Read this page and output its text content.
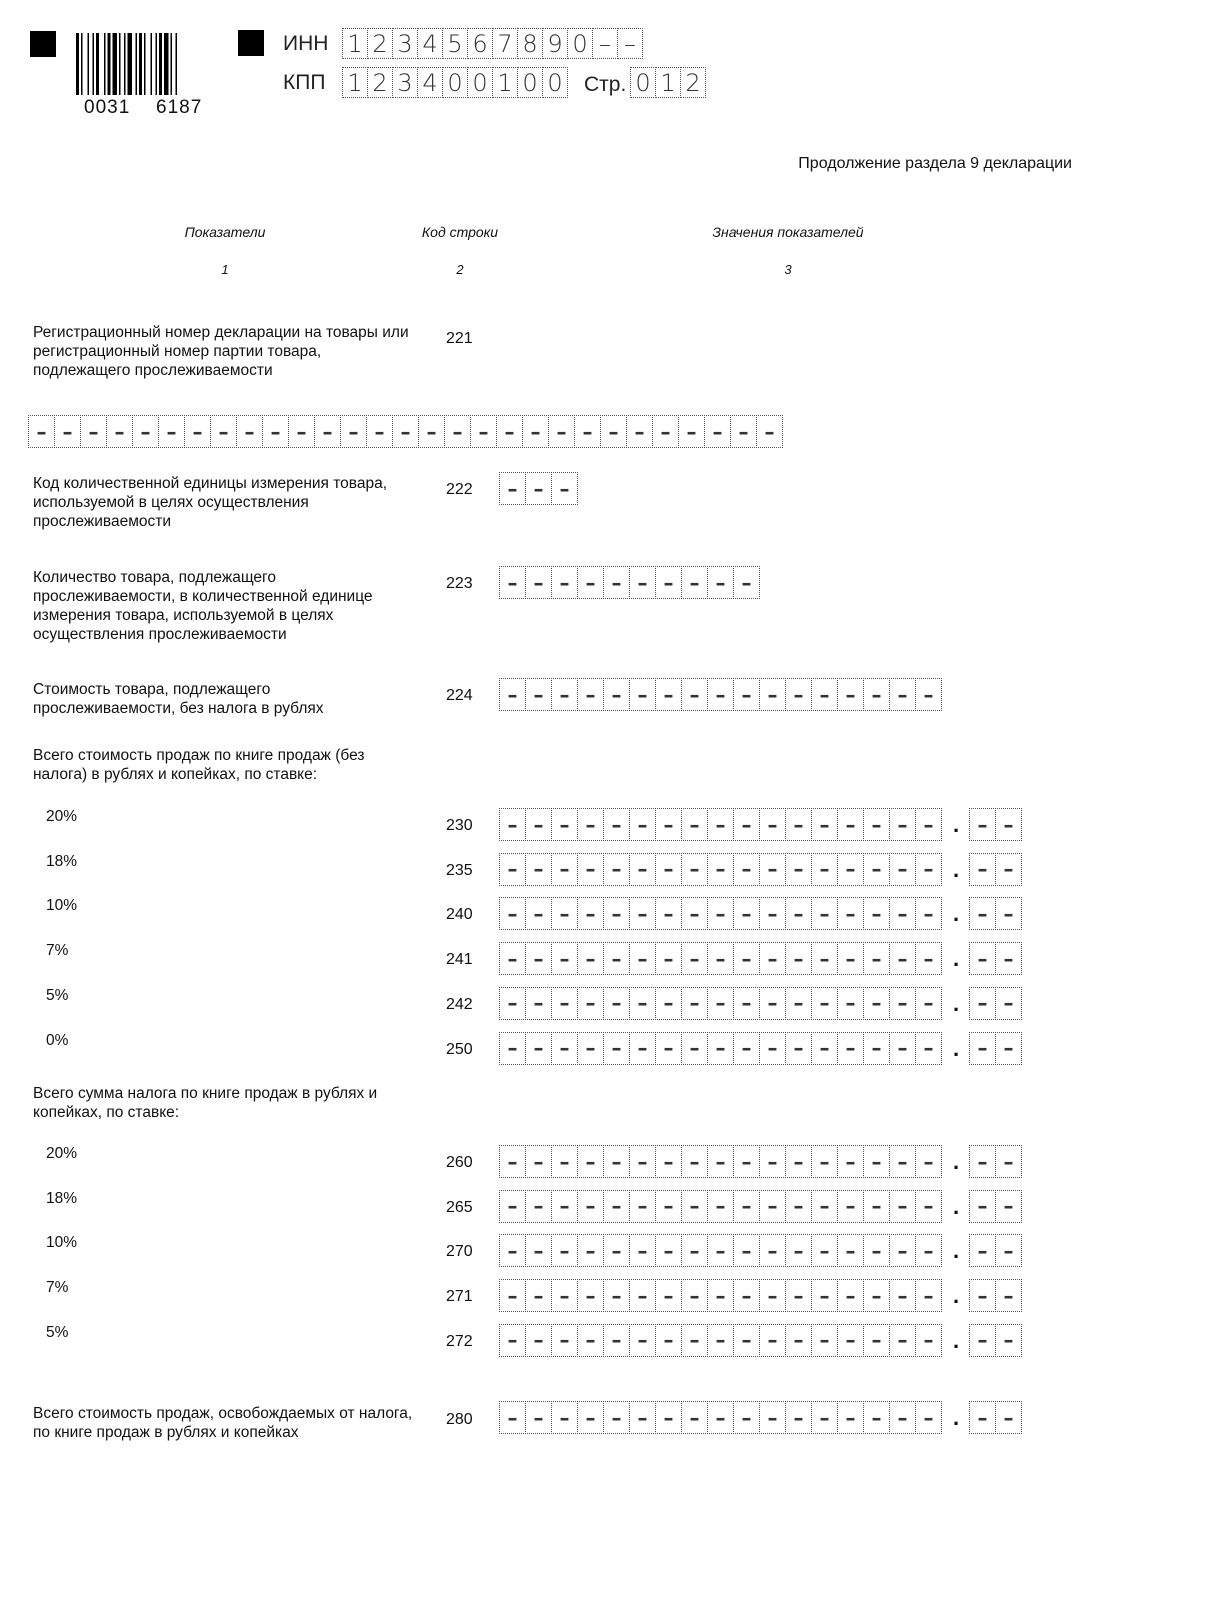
0031 6187
ИНН 1 2 3 4 5 6 7 8 9 0 – –
КПП 1 2 3 4 0 0 1 0 0 Стр. 0 1 2
Продолжение раздела 9 декларации
Показатели	Код строки	Значения показателей
1	2	3
Регистрационный номер декларации на товары или регистрационный номер партии товара, подлежащего прослеживаемости
221
– – – – – – – – – – – – – – – – – – – – – – – – – – – – –
Код количественной единицы измерения товара, используемой в целях осуществления прослеживаемости
222	– – –
Количество товара, подлежащего прослеживаемости, в количественной единице измерения товара, используемой в целях осуществления прослеживаемости
223	– – – – – – – – – –
Стоимость товара, подлежащего прослеживаемости, без налога в рублях
224	– – – – – – – – – – – – – – – – –
Всего стоимость продаж по книге продаж (без налога) в рублях и копейках, по ставке:
20%
230	– – – – – – – – – – – – – – – – – . – –
18%
235	– – – – – – – – – – – – – – – – – . – –
10%
240	– – – – – – – – – – – – – – – – – . – –
7%
241	– – – – – – – – – – – – – – – – – . – –
5%
242	– – – – – – – – – – – – – – – – – . – –
0%
250	– – – – – – – – – – – – – – – – – . – –
Всего сумма налога по книге продаж в рублях и копейках, по ставке:
20%
260	– – – – – – – – – – – – – – – – – . – –
18%
265	– – – – – – – – – – – – – – – – – . – –
10%
270	– – – – – – – – – – – – – – – – – . – –
7%
271	– – – – – – – – – – – – – – – – – . – –
5%
272	– – – – – – – – – – – – – – – – – . – –
Всего стоимость продаж, освобождаемых от налога, по книге продаж в рублях и копейках
280	– – – – – – – – – – – – – – – – – . – –
